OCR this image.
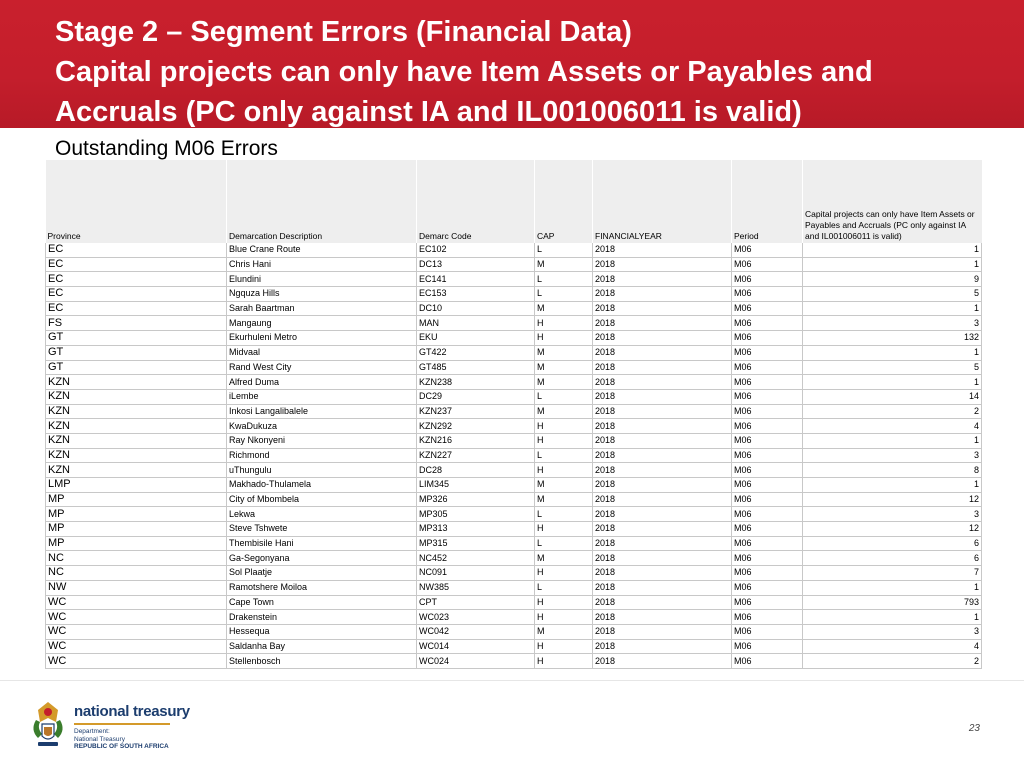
Stage 2 – Segment Errors (Financial Data)
Capital projects can only have Item Assets or Payables and
Accruals (PC only against IA and IL001006011 is valid)

Outstanding M06 Errors

Province	Demarcation Description	Demarc Code	CAP	FINANCIALYEAR	Period	Capital projects can only have Item Assets or Payables and Accruals (PC only against IA and IL001006011 is valid)
EC	Blue Crane Route	EC102	L	2018	M06	1
EC	Chris Hani	DC13	M	2018	M06	1
EC	Elundini	EC141	L	2018	M06	9
EC	Ngquza Hills	EC153	L	2018	M06	5
EC	Sarah Baartman	DC10	M	2018	M06	1
FS	Mangaung	MAN	H	2018	M06	3
GT	Ekurhuleni Metro	EKU	H	2018	M06	132
GT	Midvaal	GT422	M	2018	M06	1
GT	Rand West City	GT485	M	2018	M06	5
KZN	Alfred Duma	KZN238	M	2018	M06	1
KZN	iLembe	DC29	L	2018	M06	14
KZN	Inkosi Langalibalele	KZN237	M	2018	M06	2
KZN	KwaDukuza	KZN292	H	2018	M06	4
KZN	Ray Nkonyeni	KZN216	H	2018	M06	1
KZN	Richmond	KZN227	L	2018	M06	3
KZN	uThungulu	DC28	H	2018	M06	8
LMP	Makhado-Thulamela	LIM345	M	2018	M06	1
MP	City of Mbombela	MP326	M	2018	M06	12
MP	Lekwa	MP305	L	2018	M06	3
MP	Steve Tshwete	MP313	H	2018	M06	12
MP	Thembisile Hani	MP315	L	2018	M06	6
NC	Ga-Segonyana	NC452	M	2018	M06	6
NC	Sol Plaatje	NC091	H	2018	M06	7
NW	Ramotshere Moiloa	NW385	L	2018	M06	1
WC	Cape Town	CPT	H	2018	M06	793
WC	Drakenstein	WC023	H	2018	M06	1
WC	Hessequa	WC042	M	2018	M06	3
WC	Saldanha Bay	WC014	H	2018	M06	4
WC	Stellenbosch	WC024	H	2018	M06	2
national treasury
Department:
National Treasury
REPUBLIC OF SOUTH AFRICA
23
